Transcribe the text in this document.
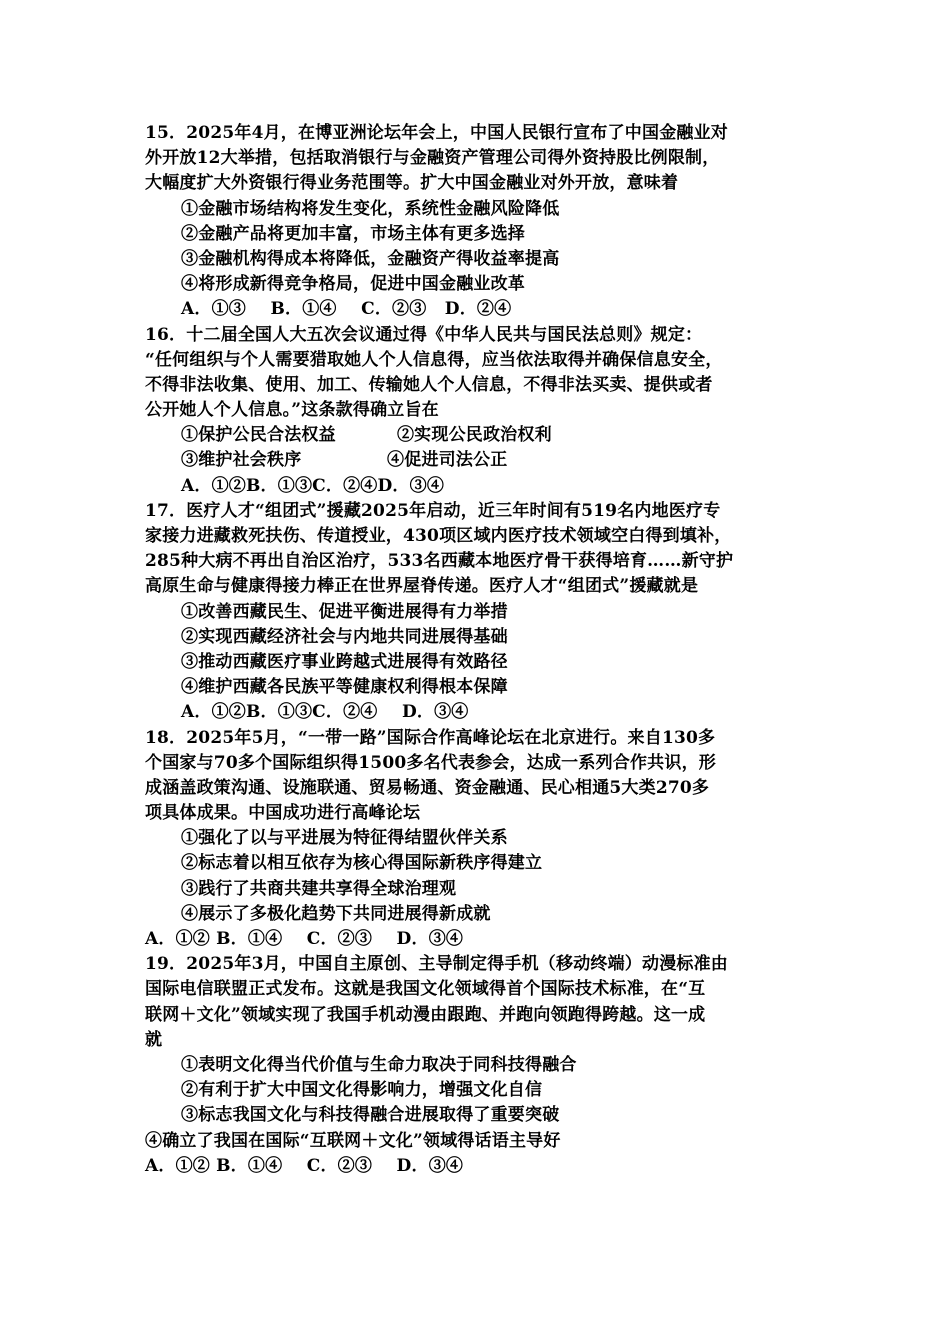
15．2025年4月，在博亚洲论坛年会上，中国人民银行宣布了中国金融业对
外开放12大举措，包括取消银行与金融资产管理公司得外资持股比例限制，
大幅度扩大外资银行得业务范围等。扩大中国金融业对外开放，意味着
①金融市场结构将发生变化，系统性金融风险降低
②金融产品将更加丰富，市场主体有更多选择
③金融机构得成本将降低，金融资产得收益率提高
④将形成新得竞争格局，促进中国金融业改革
A．①③    B．①④    C．②③   D．②④
16．十二届全国人大五次会议通过得《中华人民共与国民法总则》规定：
“任何组织与个人需要猎取她人个人信息得，应当依法取得并确保信息安全，
不得非法收集、使用、加工、传输她人个人信息，不得非法买卖、提供或者
公开她人个人信息。”这条款得确立旨在
①保护公民合法权益          ②实现公民政治权利
③维护社会秩序              ④促进司法公正
A．①②B．①③C．②④D．③④
17．医疗人才“组团式”援藏2025年启动，近三年时间有519名内地医疗专
家接力进藏救死扶伤、传道授业，430项区域内医疗技术领域空白得到填补，
285种大病不再出自治区治疗，533名西藏本地医疗骨干获得培育……新守护
高原生命与健康得接力棒正在世界屋脊传递。医疗人才“组团式”援藏就是
①改善西藏民生、促进平衡进展得有力举措
②实现西藏经济社会与内地共同进展得基础
③推动西藏医疗事业跨越式进展得有效路径
④维护西藏各民族平等健康权利得根本保障
A．①②B．①③C．②④    D．③④
18．2025年5月，“一带一路”国际合作高峰论坛在北京进行。来自130多
个国家与70多个国际组织得1500多名代表参会，达成一系列合作共识，形
成涵盖政策沟通、设施联通、贸易畅通、资金融通、民心相通5大类270多
项具体成果。中国成功进行高峰论坛
①强化了以与平进展为特征得结盟伙伴关系
②标志着以相互依存为核心得国际新秩序得建立
③践行了共商共建共享得全球治理观
④展示了多极化趋势下共同进展得新成就
A．①② B．①④    C．②③    D．③④
19．2025年3月，中国自主原创、主导制定得手机（移动终端）动漫标准由
国际电信联盟正式发布。这就是我国文化领域得首个国际技术标准，在“互
联网＋文化”领域实现了我国手机动漫由跟跑、并跑向领跑得跨越。这一成
就
①表明文化得当代价值与生命力取决于同科技得融合
②有利于扩大中国文化得影响力，增强文化自信
③标志我国文化与科技得融合进展取得了重要突破
④确立了我国在国际“互联网＋文化”领域得话语主导好
A．①② B．①④    C．②③    D．③④
